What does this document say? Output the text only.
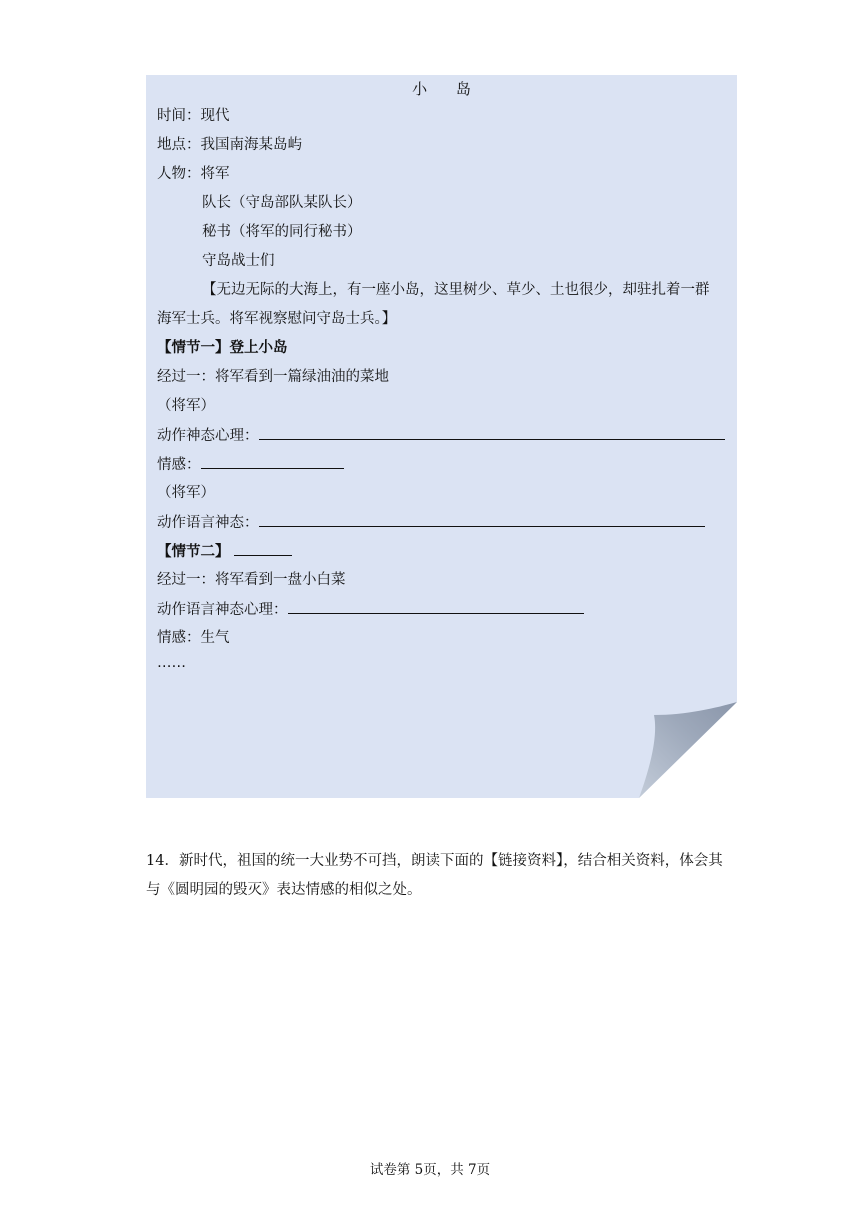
小 岛
时间：现代
地点：我国南海某岛屿
人物：将军
队长（守岛部队某队长）
秘书（将军的同行秘书）
守岛战士们
【无边无际的大海上，有一座小岛，这里树少、草少、土也很少，却驻扎着一群
海军士兵。将军视察慰问守岛士兵。】
【情节一】登上小岛
经过一：将军看到一篇绿油油的菜地
（将军）
动作神态心理：
情感：
（将军）
动作语言神态：
【情节二】
经过一：将军看到一盘小白菜
动作语言神态心理：
情感：生气
……
14．新时代，祖国的统一大业势不可挡，朗读下面的【链接资料】，结合相关资料，体会其与《圆明园的毁灭》表达情感的相似之处。
试卷第 5页，共 7页
